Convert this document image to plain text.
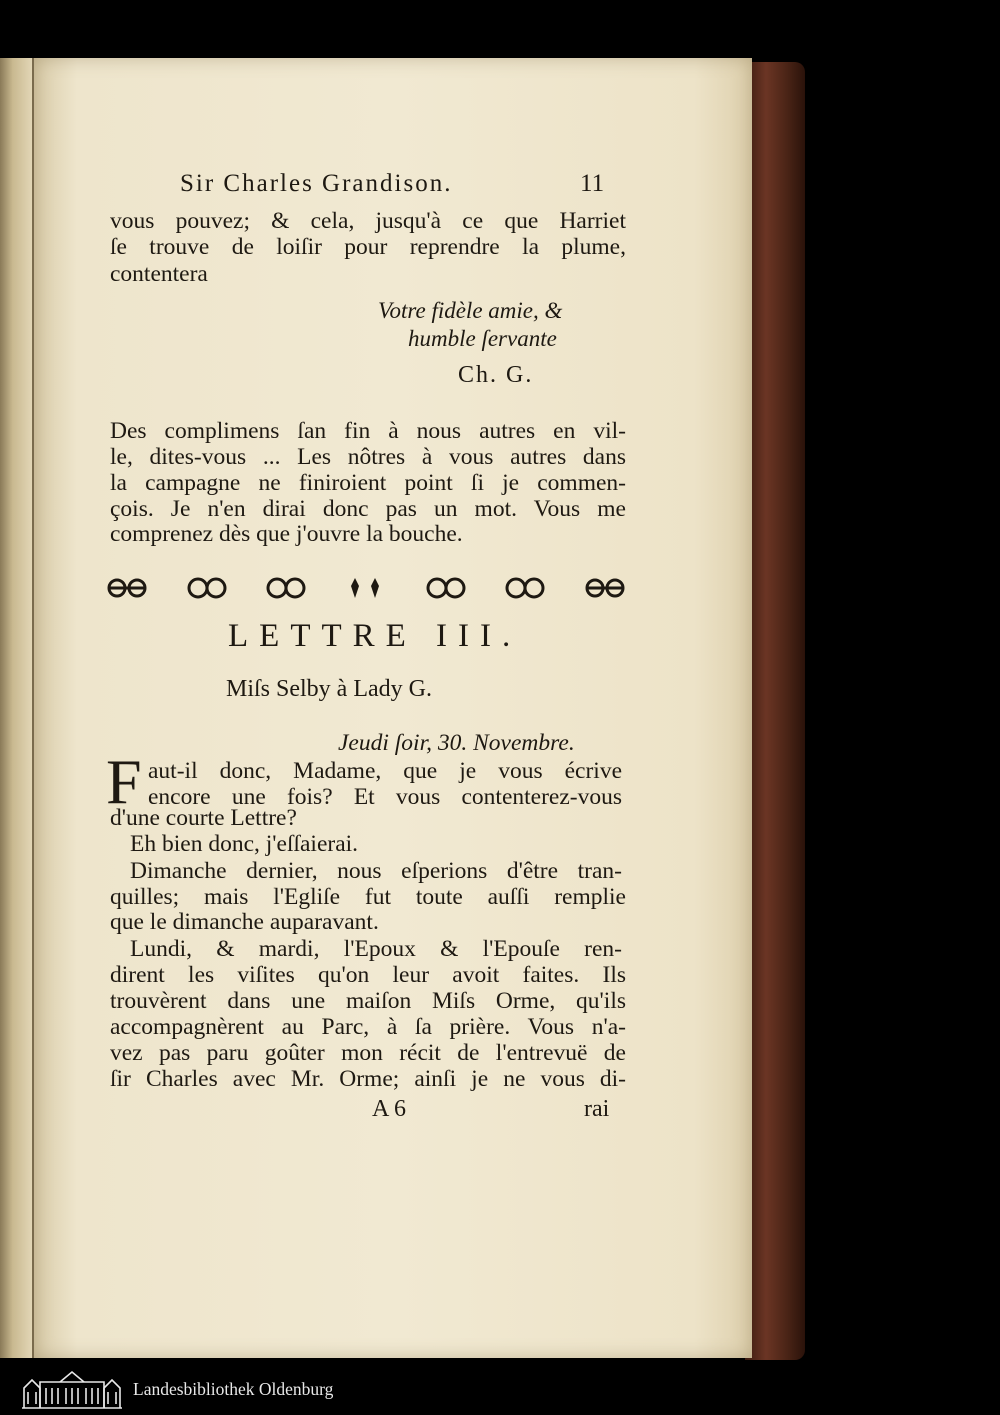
Sir Charles Grandison.	11
vous pouvez; & cela, jusqu'à ce que Harriet
ſe trouve de loiſir pour reprendre la plume,
contentera
Votre fidèle amie, &
humble ſervante
Ch. G.
Des complimens ſan fin à nous autres en vil-
le, dites-vous ... Les nôtres à vous autres dans
la campagne ne finiroient point ſi je commen-
çois. Je n'en dirai donc pas un mot. Vous me
comprenez dès que j'ouvre la bouche.
LETTRE III.
Miſs Selby à Lady G.
Jeudi ſoir, 30. Novembre.
F aut-il donc, Madame, que je vous écrive
encore une fois? Et vous contenterez-vous
d'une courte Lettre?
Eh bien donc, j'eſſaierai.
Dimanche dernier, nous eſperions d'être tran-
quilles; mais l'Egliſe fut toute auſſi remplie
que le dimanche auparavant.
Lundi, & mardi, l'Epoux & l'Epouſe ren-
dirent les viſites qu'on leur avoit faites. Ils
trouvèrent dans une maiſon Miſs Orme, qu'ils
accompagnèrent au Parc, à ſa prière. Vous n'a-
vez pas paru goûter mon récit de l'entrevuë de
ſir Charles avec Mr. Orme; ainſi je ne vous di-
A 6	rai
Landesbibliothek Oldenburg
